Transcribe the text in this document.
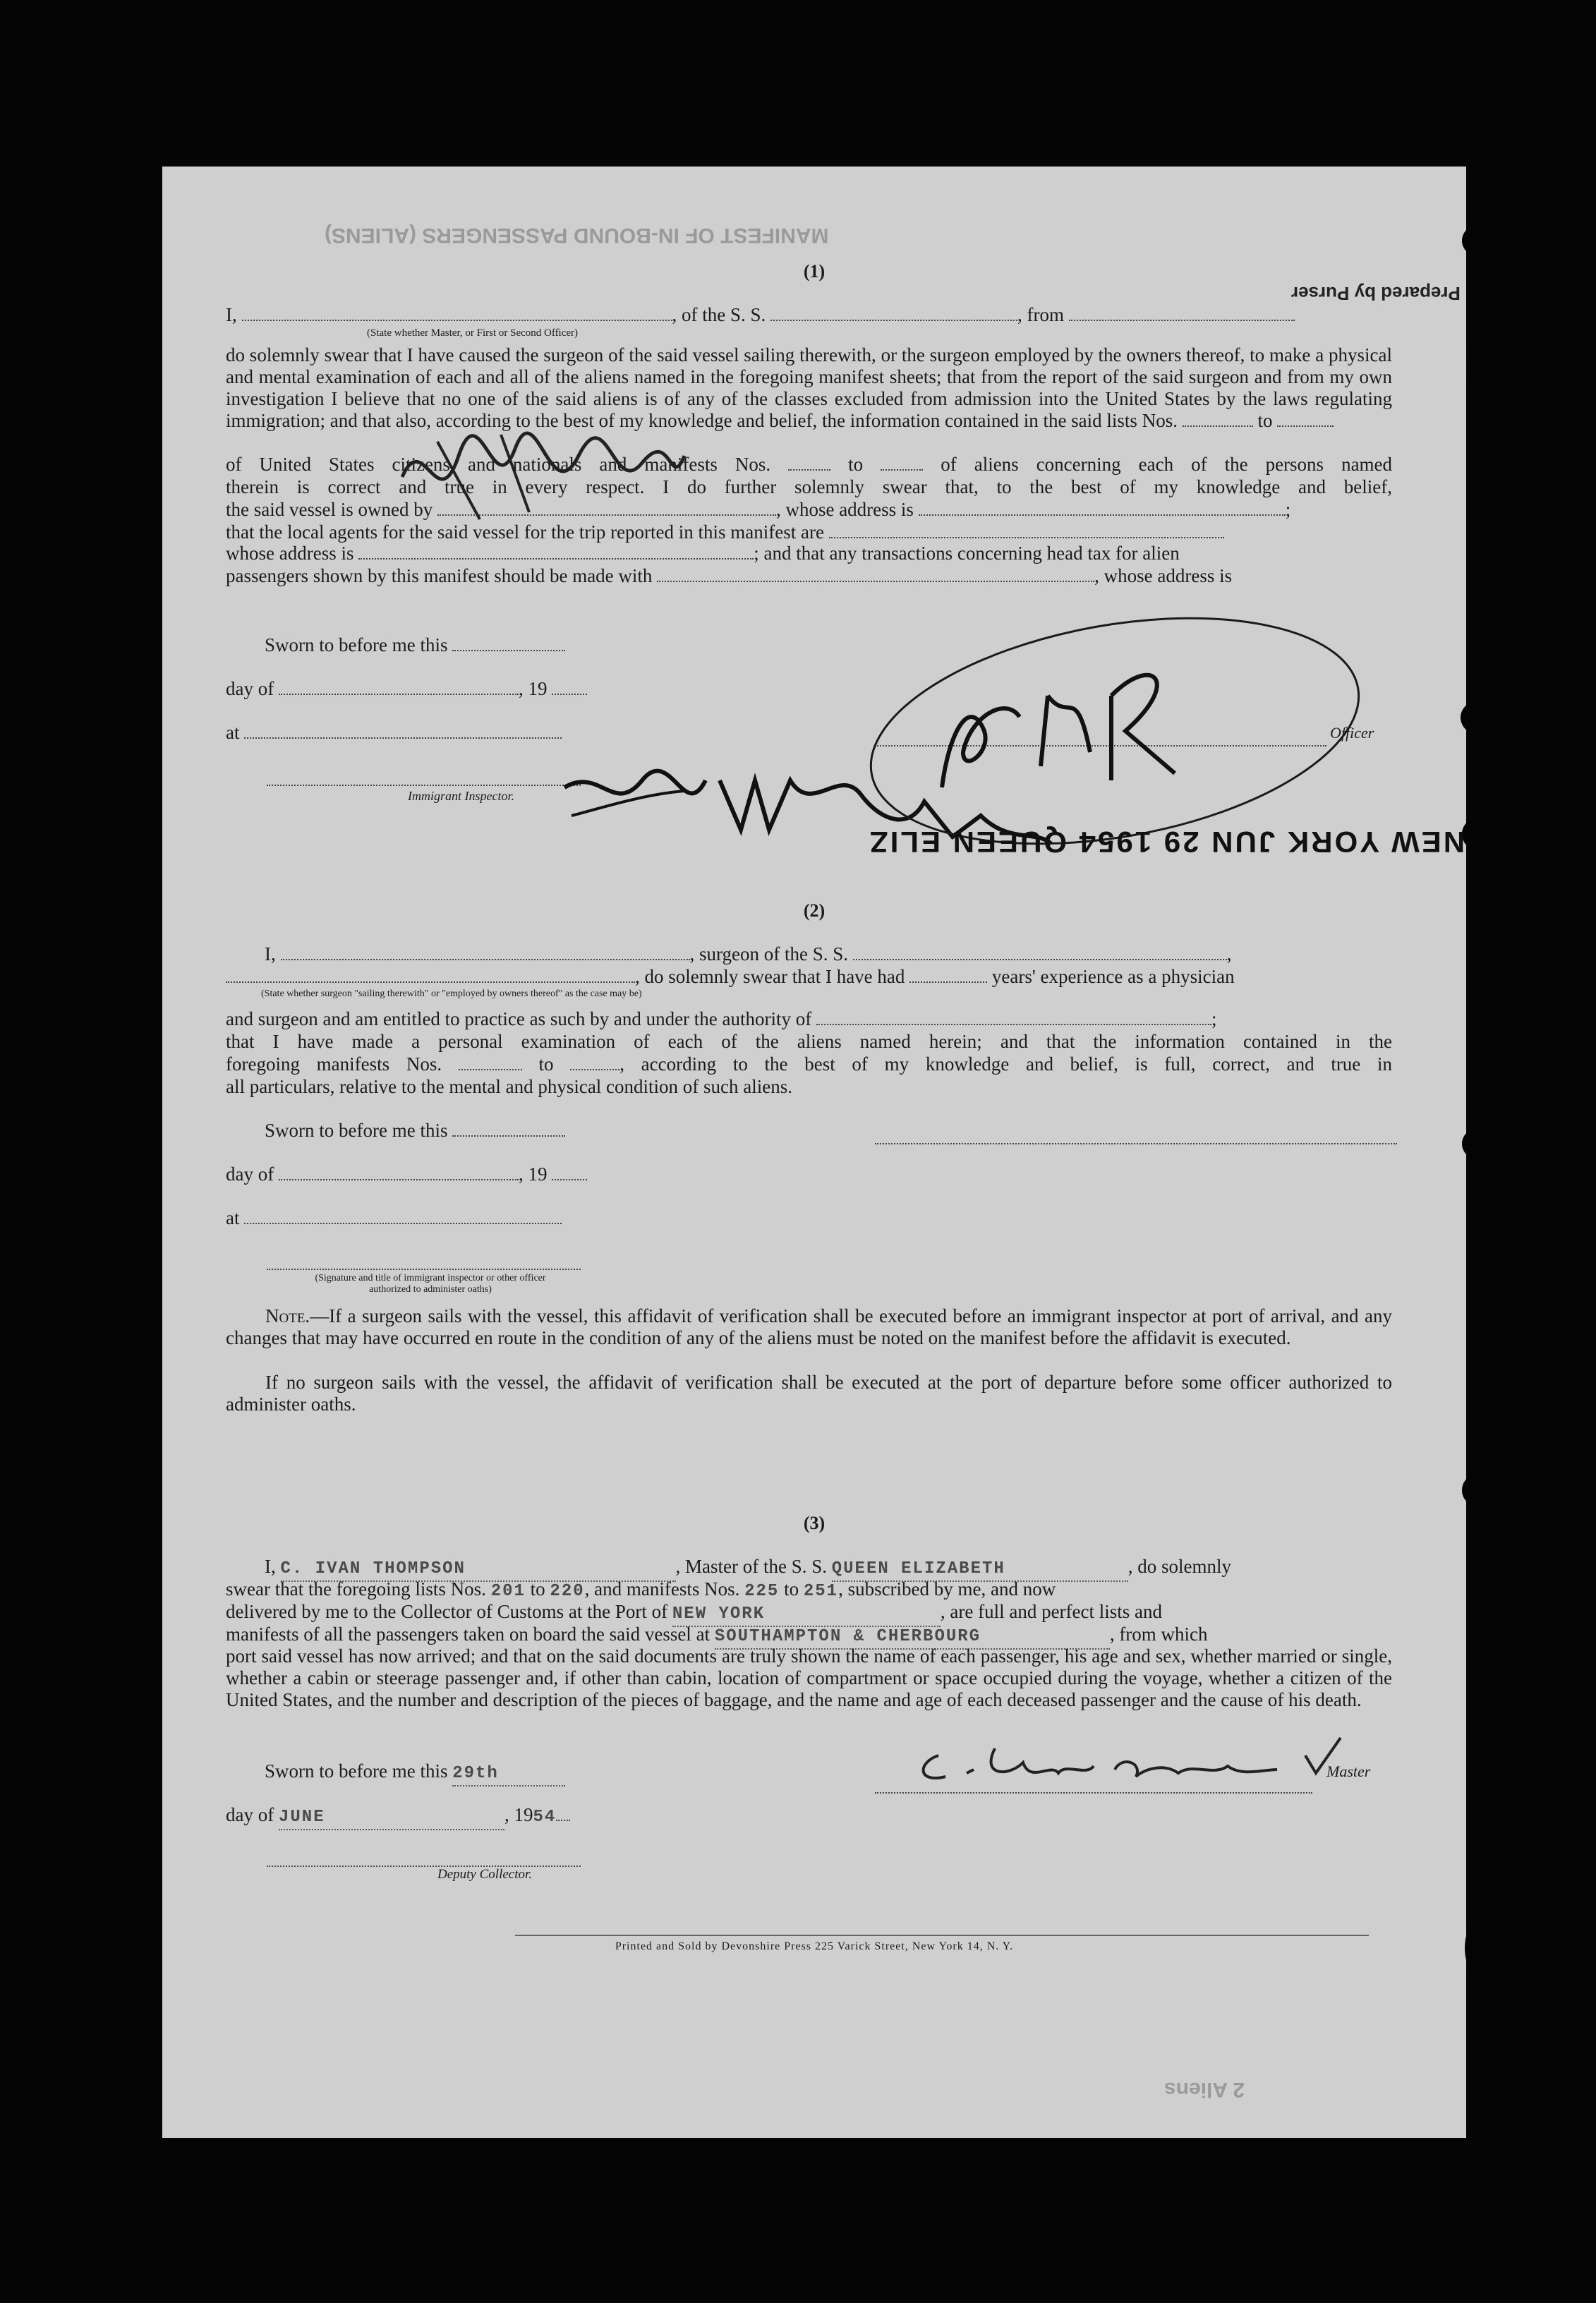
MANIFEST OF IN-BOUND PASSENGERS (ALIENS)
Prepared by Purser
(1)
I,	, of the S. S.	, from
(State whether Master, or First or Second Officer)
do solemnly swear that I have caused the surgeon of the said vessel sailing therewith, or the surgeon employed by the owners thereof, to make a physical and mental examination of each and all of the aliens named in the foregoing manifest sheets; that from the report of the said surgeon and from my own investigation I believe that no one of the said aliens is of any of the classes excluded from admission into the United States by the laws regulating immigration; and that also, according to the best of my knowledge and belief, the information contained in the said lists Nos.	to
of United States citizens and nationals and manifests Nos.	to	of aliens concerning each of the persons named
therein is correct and true in every respect. I do further solemnly swear that, to the best of my knowledge and belief,
the said vessel is owned by	, whose address is	;
that the local agents for the said vessel for the trip reported in this manifest are
whose address is	; and that any transactions concerning head tax for alien
passengers shown by this manifest should be made with	, whose address is
Sworn to before me this
day of	, 19
at	Officer
Immigrant Inspector.
NEW YORK JUN 29 1954 QUEEN ELIZ
(2)
I,	, surgeon of the S. S.	,
, do solemnly swear that I have had	years' experience as a physician
(State whether surgeon "sailing therewith" or "employed by owners thereof" as the case may be)
and surgeon and am entitled to practice as such by and under the authority of	;
that I have made a personal examination of each of the aliens named herein; and that the information contained in the
foregoing manifests Nos.	to	, according to the best of my knowledge and belief, is full, correct, and true in
all particulars, relative to the mental and physical condition of such aliens.
Sworn to before me this
day of	, 19
at
(Signature and title of immigrant inspector or other officer authorized to administer oaths)
Note.—If a surgeon sails with the vessel, this affidavit of verification shall be executed before an immigrant inspector at port of arrival, and any changes that may have occurred en route in the condition of any of the aliens must be noted on the manifest before the affidavit is executed.
If no surgeon sails with the vessel, the affidavit of verification shall be executed at the port of departure before some officer authorized to administer oaths.
(3)
I, C. IVAN THOMPSON	, Master of the S. S. QUEEN ELIZABETH	, do solemnly
swear that the foregoing lists Nos. 201 to 220, and manifests Nos. 225 to 251, subscribed by me, and now
delivered by me to the Collector of Customs at the Port of NEW YORK	, are full and perfect lists and
manifests of all the passengers taken on board the said vessel at SOUTHAMPTON & CHERBOURG	, from which
port said vessel has now arrived; and that on the said documents are truly shown the name of each passenger, his age and sex, whether married or single, whether a cabin or steerage passenger and, if other than cabin, location of compartment or space occupied during the voyage, whether a citizen of the United States, and the number and description of the pieces of baggage, and the name and age of each deceased passenger and the cause of his death.
Sworn to before me this 29th	Master
day of JUNE	, 1954
Deputy Collector.
Printed and Sold by Devonshire Press 225 Varick Street, New York 14, N. Y.
2 Aliens
